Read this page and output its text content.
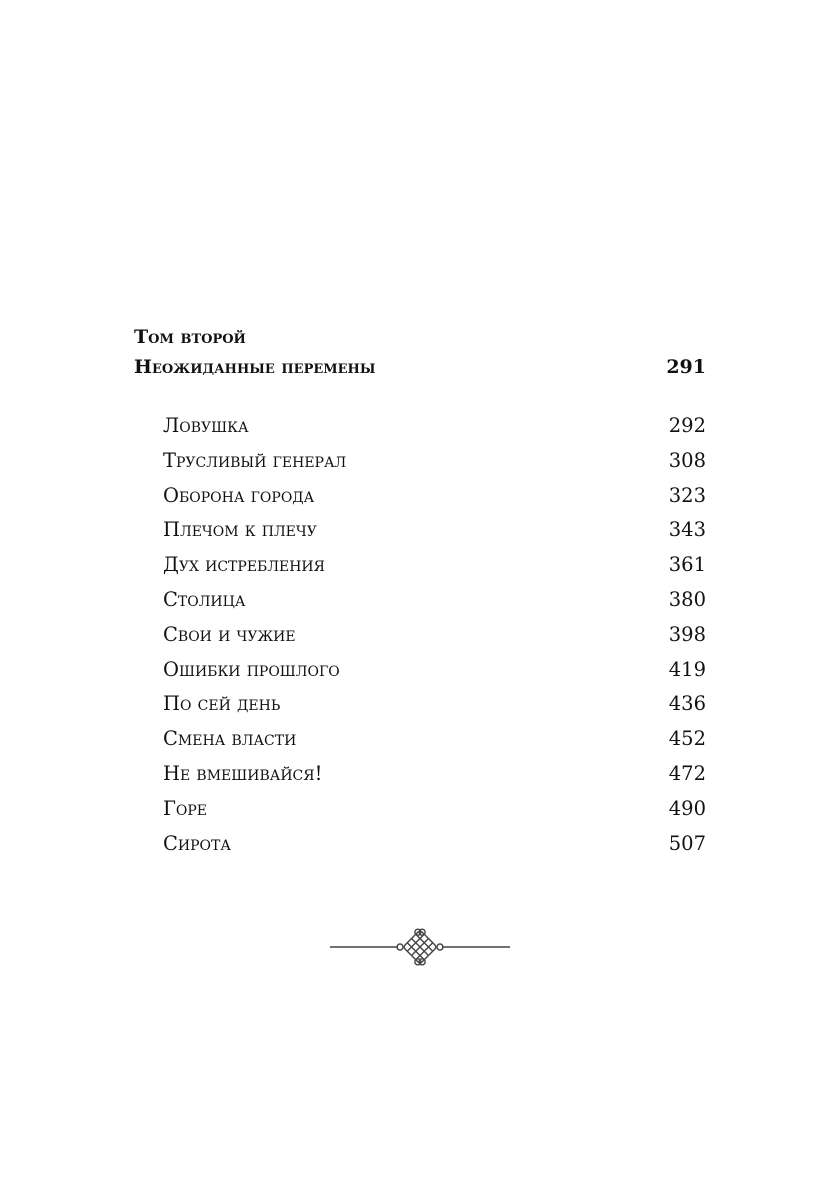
Том второй
Неожиданные перемены	291
Ловушка	292
Трусливый генерал	308
Оборона города	323
Плечом к плечу	343
Дух истребления	361
Столица	380
Свои и чужие	398
Ошибки прошлого	419
По сей день	436
Смена власти	452
Не вмешивайся!	472
Горе	490
Сирота	507
